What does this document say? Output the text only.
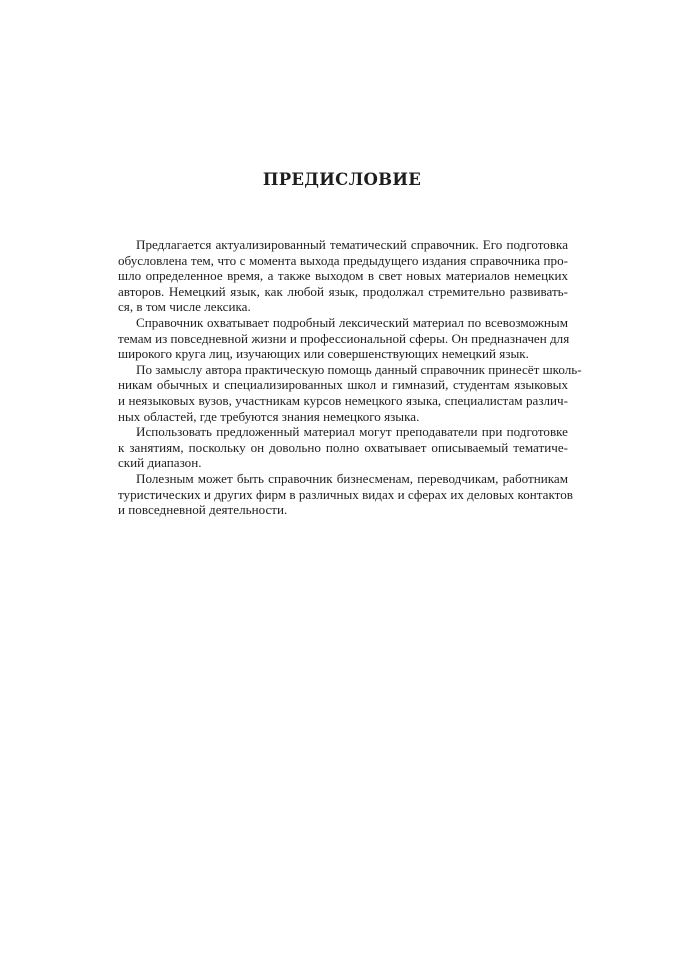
ПРЕДИСЛОВИЕ
Предлагается актуализированный тематический справочник. Его подготовка
обусловлена тем, что с момента выхода предыдущего издания справочника про-
шло определенное время, а также выходом в свет новых материалов немецких
авторов. Немецкий язык, как любой язык, продолжал стремительно развивать-
ся, в том числе лексика.
Справочник охватывает подробный лексический материал по всевозможным
темам из повседневной жизни и профессиональной сферы. Он предназначен для
широкого круга лиц, изучающих или совершенствующих немецкий язык.
По замыслу автора практическую помощь данный справочник принесёт школь-
никам обычных и специализированных школ и гимназий, студентам языковых
и неязыковых вузов, участникам курсов немецкого языка, специалистам различ-
ных областей, где требуются знания немецкого языка.
Использовать предложенный материал могут преподаватели при подготовке
к занятиям, поскольку он довольно полно охватывает описываемый тематиче-
ский диапазон.
Полезным может быть справочник бизнесменам, переводчикам, работникам
туристических и других фирм в различных видах и сферах их деловых контактов
и повседневной деятельности.
